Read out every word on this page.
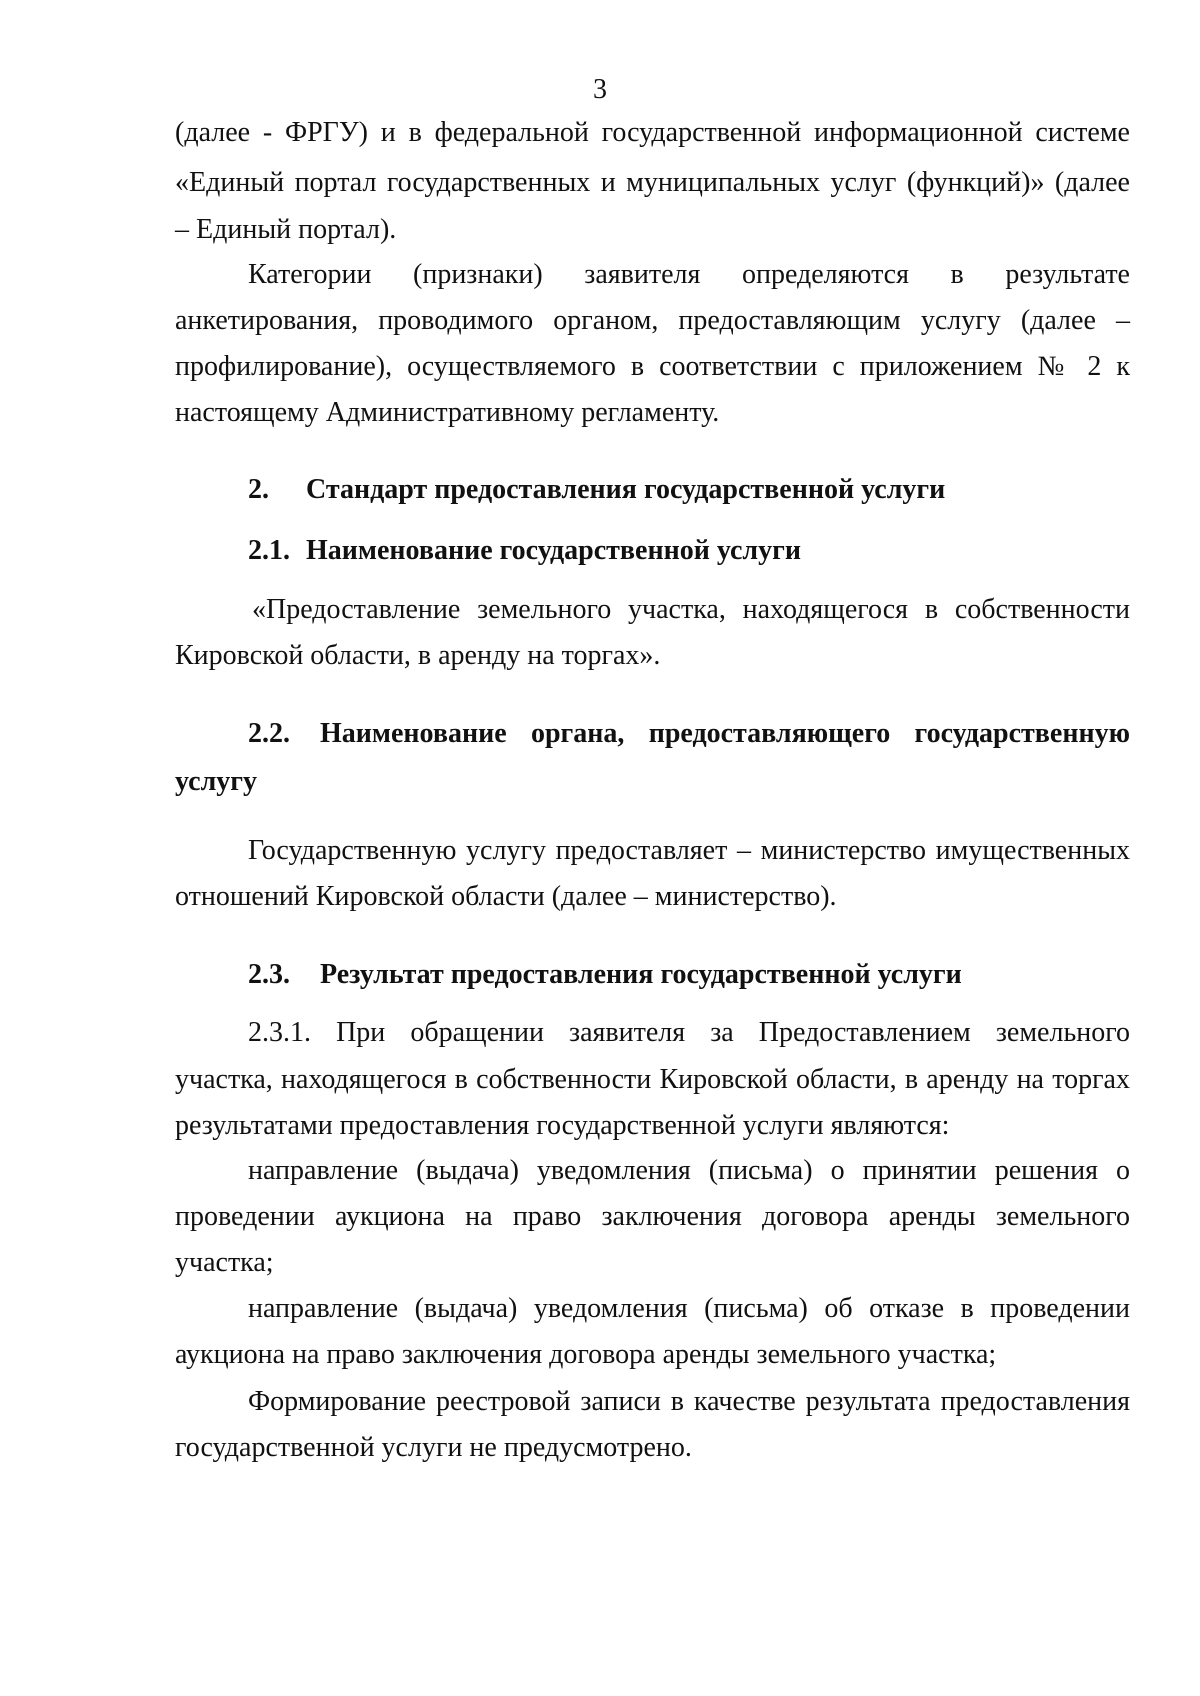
3

(далее - ФРГУ) и в федеральной государственной информационной системе

«Единый портал государственных и муниципальных услуг (функций)» (далее

– Единый портал).

Категории (признаки) заявителя определяются в результате

анкетирования, проводимого органом, предоставляющим услугу (далее –

профилирование), осуществляемого в соответствии с приложением № 2 к

настоящему Административному регламенту.

2. Стандарт предоставления государственной услуги

2.1. Наименование государственной услуги

«Предоставление земельного участка, находящегося в собственности

Кировской области, в аренду на торгах».

2.2. Наименование органа, предоставляющего государственную

услугу

Государственную услугу предоставляет – министерство имущественных

отношений Кировской области (далее – министерство).

2.3. Результат предоставления государственной услуги

2.3.1. При обращении заявителя за Предоставлением земельного

участка, находящегося в собственности Кировской области, в аренду на торгах

результатами предоставления государственной услуги являются:

направление (выдача) уведомления (письма) о принятии решения о

проведении аукциона на право заключения договора аренды земельного

участка;

направление (выдача) уведомления (письма) об отказе в проведении

аукциона на право заключения договора аренды земельного участка;

Формирование реестровой записи в качестве результата предоставления

государственной услуги не предусмотрено.
